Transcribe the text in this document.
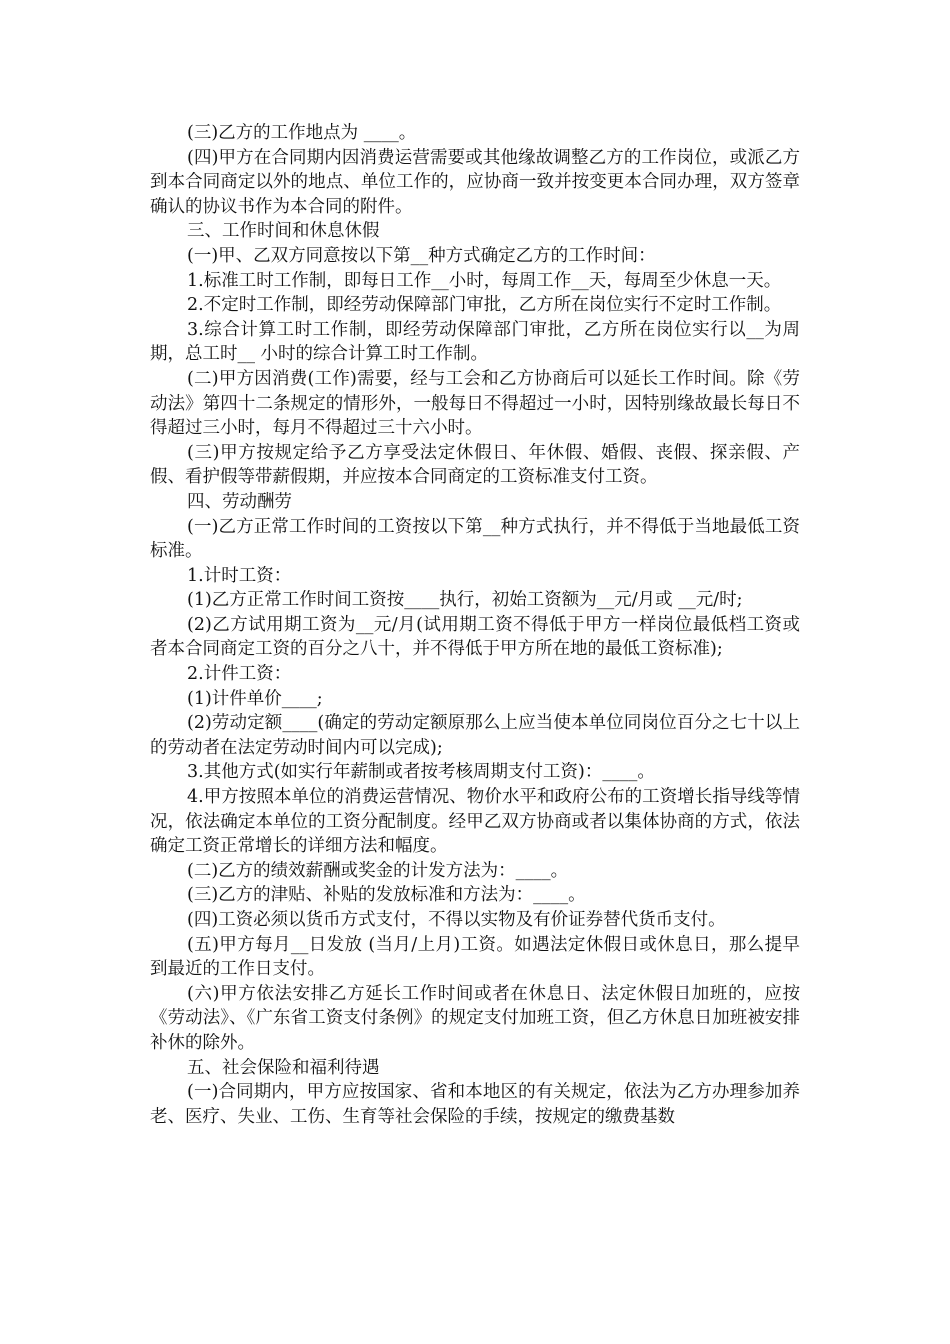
(三)乙方的工作地点为 ____。

(四)甲方在合同期内因消费运营需要或其他缘故调整乙方的工作岗位，或派乙方到本合同商定以外的地点、单位工作的，应协商一致并按变更本合同办理，双方签章确认的协议书作为本合同的附件。

三、工作时间和休息休假

(一)甲、乙双方同意按以下第__种方式确定乙方的工作时间：

1.标准工时工作制，即每日工作__小时，每周工作__天，每周至少休息一天。

2.不定时工作制，即经劳动保障部门审批，乙方所在岗位实行不定时工作制。

3.综合计算工时工作制，即经劳动保障部门审批，乙方所在岗位实行以__为周期，总工时__ 小时的综合计算工时工作制。

(二)甲方因消费(工作)需要，经与工会和乙方协商后可以延长工作时间。除《劳动法》第四十二条规定的情形外，一般每日不得超过一小时，因特别缘故最长每日不得超过三小时，每月不得超过三十六小时。

(三)甲方按规定给予乙方享受法定休假日、年休假、婚假、丧假、探亲假、产假、看护假等带薪假期，并应按本合同商定的工资标准支付工资。

四、劳动酬劳

(一)乙方正常工作时间的工资按以下第__种方式执行，并不得低于当地最低工资标准。

1.计时工资：

(1)乙方正常工作时间工资按____执行，初始工资额为__元/月或 __元/时;

(2)乙方试用期工资为__元/月(试用期工资不得低于甲方一样岗位最低档工资或者本合同商定工资的百分之八十，并不得低于甲方所在地的最低工资标准);

2.计件工资：

(1)计件单价____;

(2)劳动定额____(确定的劳动定额原那么上应当使本单位同岗位百分之七十以上的劳动者在法定劳动时间内可以完成);

3.其他方式(如实行年薪制或者按考核周期支付工资)：____。

4.甲方按照本单位的消费运营情况、物价水平和政府公布的工资增长指导线等情况，依法确定本单位的工资分配制度。经甲乙双方协商或者以集体协商的方式，依法确定工资正常增长的详细方法和幅度。

(二)乙方的绩效薪酬或奖金的计发方法为：____。

(三)乙方的津贴、补贴的发放标准和方法为：____。

(四)工资必须以货币方式支付，不得以实物及有价证券替代货币支付。

(五)甲方每月__日发放 (当月/上月)工资。如遇法定休假日或休息日，那么提早到最近的工作日支付。

(六)甲方依法安排乙方延长工作时间或者在休息日、法定休假日加班的，应按《劳动法》、《广东省工资支付条例》的规定支付加班工资，但乙方休息日加班被安排补休的除外。

五、社会保险和福利待遇

(一)合同期内，甲方应按国家、省和本地区的有关规定，依法为乙方办理参加养老、医疗、失业、工伤、生育等社会保险的手续，按规定的缴费基数
